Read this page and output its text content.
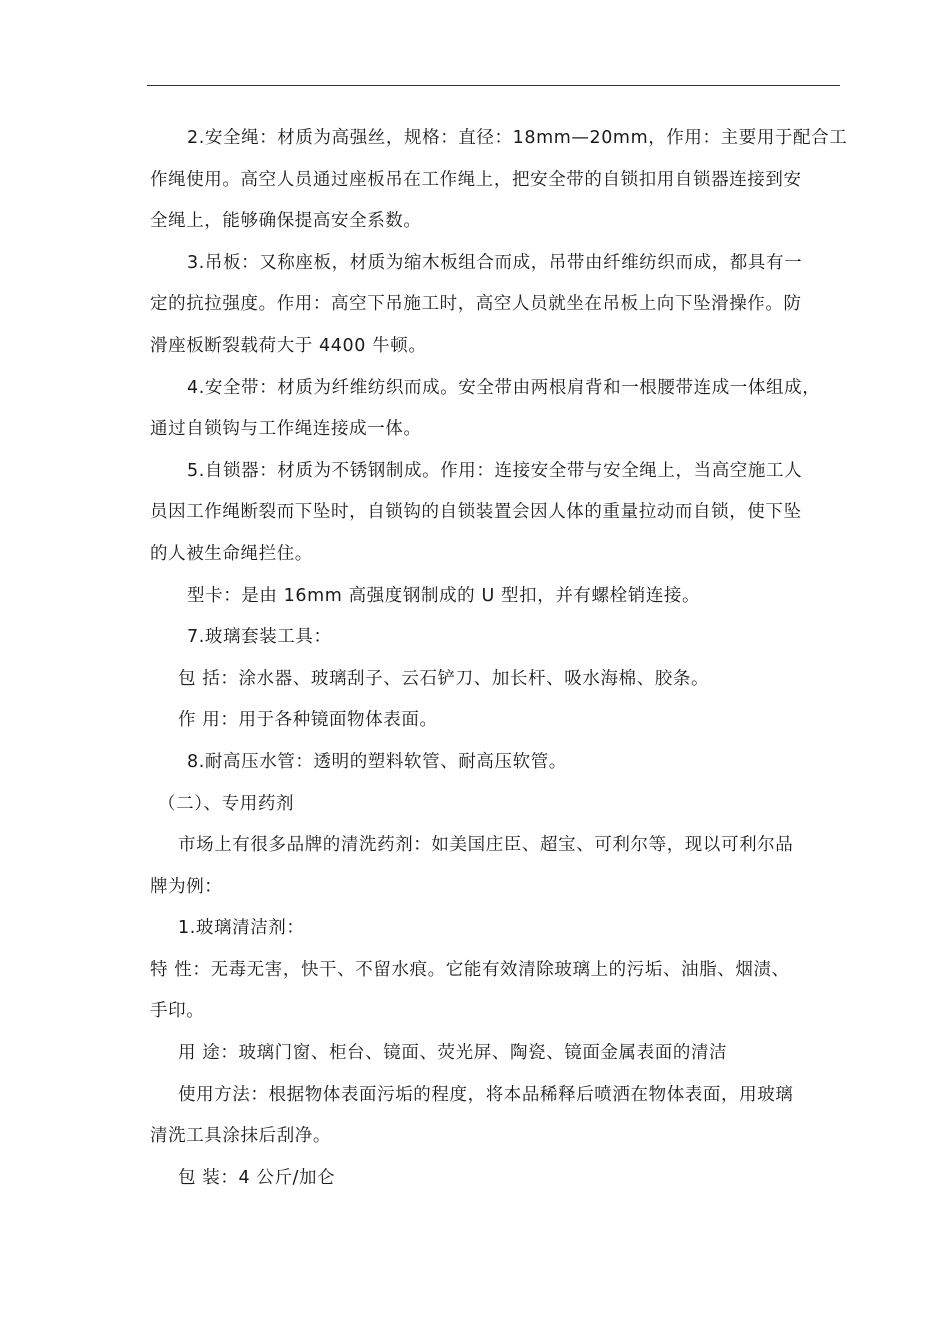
2.安全绳：材质为高强丝，规格：直径：18mm—20mm，作用：主要用于配合工
作绳使用。高空人员通过座板吊在工作绳上，把安全带的自锁扣用自锁器连接到安
全绳上，能够确保提高安全系数。
3.吊板：又称座板，材质为缩木板组合而成，吊带由纤维纺织而成，都具有一
定的抗拉强度。作用：高空下吊施工时，高空人员就坐在吊板上向下坠滑操作。防
滑座板断裂载荷大于 4400 牛顿。
4.安全带：材质为纤维纺织而成。安全带由两根肩背和一根腰带连成一体组成，
通过自锁钩与工作绳连接成一体。
5.自锁器：材质为不锈钢制成。作用：连接安全带与安全绳上，当高空施工人
员因工作绳断裂而下坠时，自锁钩的自锁装置会因人体的重量拉动而自锁，使下坠
的人被生命绳拦住。
型卡：是由 16mm 高强度钢制成的 U 型扣，并有螺栓销连接。
7.玻璃套装工具：
包 括：涂水器、玻璃刮子、云石铲刀、加长杆、吸水海棉、胶条。
作 用：用于各种镜面物体表面。
8.耐高压水管：透明的塑料软管、耐高压软管。
（二）、专用药剂
市场上有很多品牌的清洗药剂：如美国庄臣、超宝、可利尔等，现以可利尔品
牌为例：
1.玻璃清洁剂：
特 性：无毒无害，快干、不留水痕。它能有效清除玻璃上的污垢、油脂、烟渍、
手印。
用 途：玻璃门窗、柜台、镜面、荧光屏、陶瓷、镜面金属表面的清洁
使用方法：根据物体表面污垢的程度，将本品稀释后喷洒在物体表面，用玻璃
清洗工具涂抹后刮净。
包 装：4 公斤/加仑
